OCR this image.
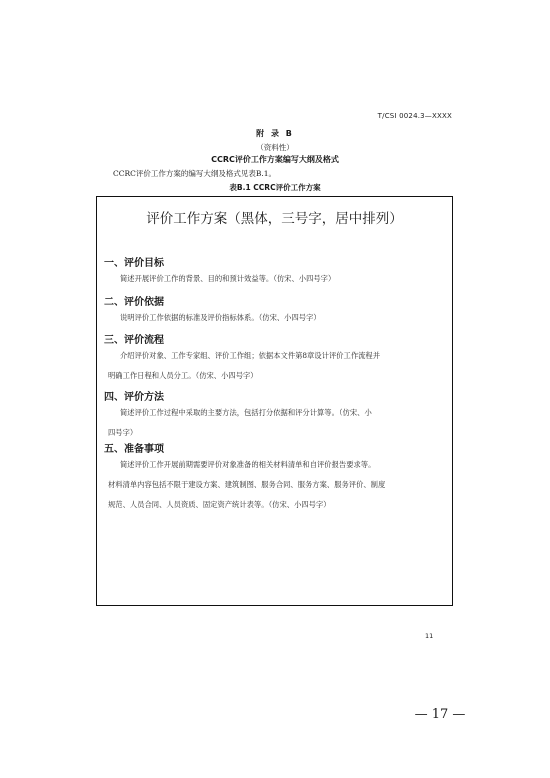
T/CSI 0024.3—XXXX
附 录 B
（资料性）
CCRC评价工作方案编写大纲及格式
CCRC评价工作方案的编写大纲及格式见表B.1。
表B.1 CCRC评价工作方案
评价工作方案（黑体，三号字，居中排列）
一、评价目标

简述开展评价工作的背景、目的和预计效益等。（仿宋、小四号字）

二、评价依据

说明评价工作依据的标准及评价指标体系。（仿宋、小四号字）

三、评价流程

介绍评价对象、工作专家组、评价工作组；依据本文件第8章设计评价工作流程并
明确工作日程和人员分工。（仿宋、小四号字）

四、评价方法

简述评价工作过程中采取的主要方法，包括打分依据和评分计算等。（仿宋、小
四号字）

五、准备事项

简述评价工作开展前期需要评价对象准备的相关材料清单和自评价报告要求等。
材料清单内容包括不限于建设方案、建筑制图、服务合同、服务方案、服务评价、制度
规范、人员合同、人员资质、固定资产统计表等。（仿宋、小四号字）

11
— 17 —
